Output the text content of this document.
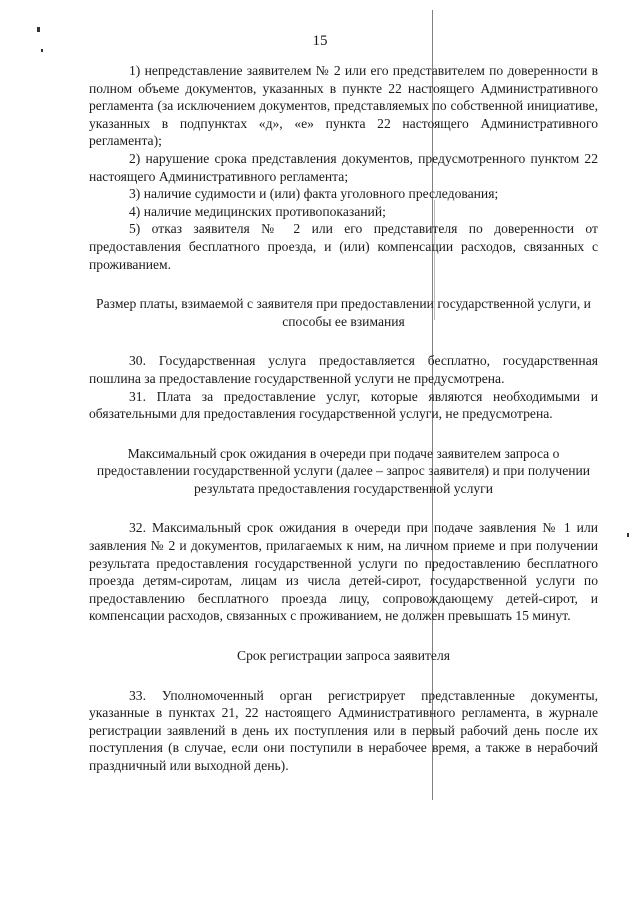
15

1) непредставление заявителем № 2 или его представителем по доверенности в полном объеме документов, указанных в пункте 22 настоящего Административного регламента (за исключением документов, представляемых по собственной инициативе, указанных в подпунктах «д», «е» пункта 22 настоящего Административного регламента);

2) нарушение срока представления документов, предусмотренного пунктом 22 настоящего Административного регламента;

3) наличие судимости и (или) факта уголовного преследования;

4) наличие медицинских противопоказаний;

5) отказ заявителя № 2 или его представителя по доверенности от предоставления бесплатного проезда, и (или) компенсации расходов, связанных с проживанием.

Размер платы, взимаемой с заявителя при предоставлении государственной услуги, и способы ее взимания

30. Государственная услуга предоставляется бесплатно, государственная пошлина за предоставление государственной услуги не предусмотрена.

31. Плата за предоставление услуг, которые являются необходимыми и обязательными для предоставления государственной услуги, не предусмотрена.

Максимальный срок ожидания в очереди при подаче заявителем запроса о предоставлении государственной услуги (далее – запрос заявителя) и при получении результата предоставления государственной услуги

32. Максимальный срок ожидания в очереди при подаче заявления № 1 или заявления № 2 и документов, прилагаемых к ним, на личном приеме и при получении результата предоставления государственной услуги по предоставлению бесплатного проезда детям-сиротам, лицам из числа детей-сирот, государственной услуги по предоставлению бесплатного проезда лицу, сопровождающему детей-сирот, и компенсации расходов, связанных с проживанием, не должен превышать 15 минут.

Срок регистрации запроса заявителя

33. Уполномоченный орган регистрирует представленные документы, указанные в пунктах 21, 22 настоящего Административного регламента, в журнале регистрации заявлений в день их поступления или в первый рабочий день после их поступления (в случае, если они поступили в нерабочее время, а также в нерабочий праздничный или выходной день).
